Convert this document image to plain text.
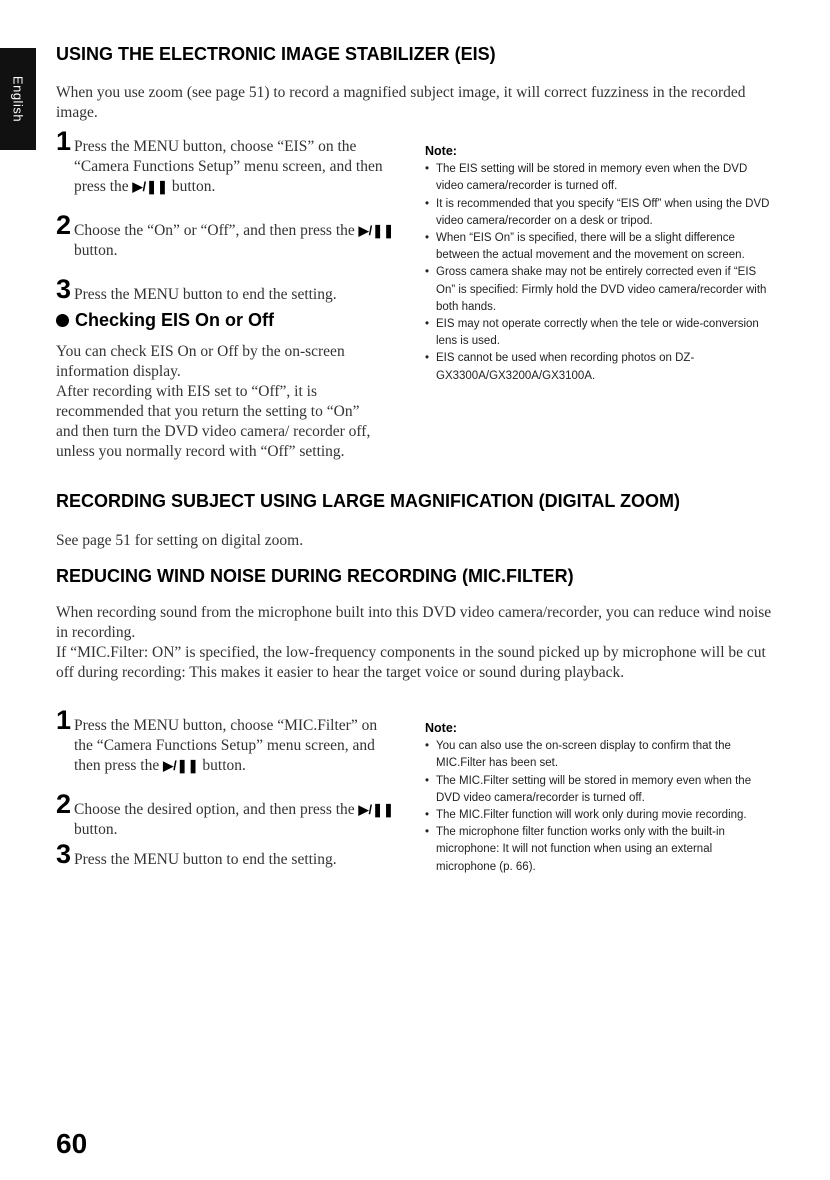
English
USING THE ELECTRONIC IMAGE STABILIZER (EIS)

When you use zoom (see page 51) to record a magnified subject image, it will correct fuzziness in the recorded image.

1 Press the MENU button, choose “EIS” on the “Camera Functions Setup” menu screen, and then press the ▶/❚❚ button.
2 Choose the “On” or “Off”, and then press the ▶/❚❚ button.
3 Press the MENU button to end the setting.
Checking EIS On or Off
You can check EIS On or Off by the on-screen information display.
After recording with EIS set to “Off”, it is recommended that you return the setting to “On” and then turn the DVD video camera/ recorder off, unless you normally record with “Off” setting.
Note:
• The EIS setting will be stored in memory even when the DVD video camera/recorder is turned off.
• It is recommended that you specify “EIS Off” when using the DVD video camera/recorder on a desk or tripod.
• When “EIS On” is specified, there will be a slight difference between the actual movement and the movement on screen.
• Gross camera shake may not be entirely corrected even if “EIS On” is specified: Firmly hold the DVD video camera/recorder with both hands.
• EIS may not operate correctly when the tele or wide-conversion lens is used.
• EIS cannot be used when recording photos on DZ-GX3300A/GX3200A/GX3100A.
RECORDING SUBJECT USING LARGE MAGNIFICATION (DIGITAL ZOOM)

See page 51 for setting on digital zoom.

REDUCING WIND NOISE DURING RECORDING (MIC.FILTER)
When recording sound from the microphone built into this DVD video camera/recorder, you can reduce wind noise in recording.
If “MIC.Filter: ON” is specified, the low-frequency components in the sound picked up by microphone will be cut off during recording: This makes it easier to hear the target voice or sound during playback.
1 Press the MENU button, choose “MIC.Filter” on the “Camera Functions Setup” menu screen, and then press the ▶/❚❚ button.
2 Choose the desired option, and then press the ▶/❚❚ button.
3 Press the MENU button to end the setting.
Note:
• You can also use the on-screen display to confirm that the MIC.Filter has been set.
• The MIC.Filter setting will be stored in memory even when the DVD video camera/recorder is turned off.
• The MIC.Filter function will work only during movie recording.
• The microphone filter function works only with the built-in microphone: It will not function when using an external microphone (p. 66).
60
